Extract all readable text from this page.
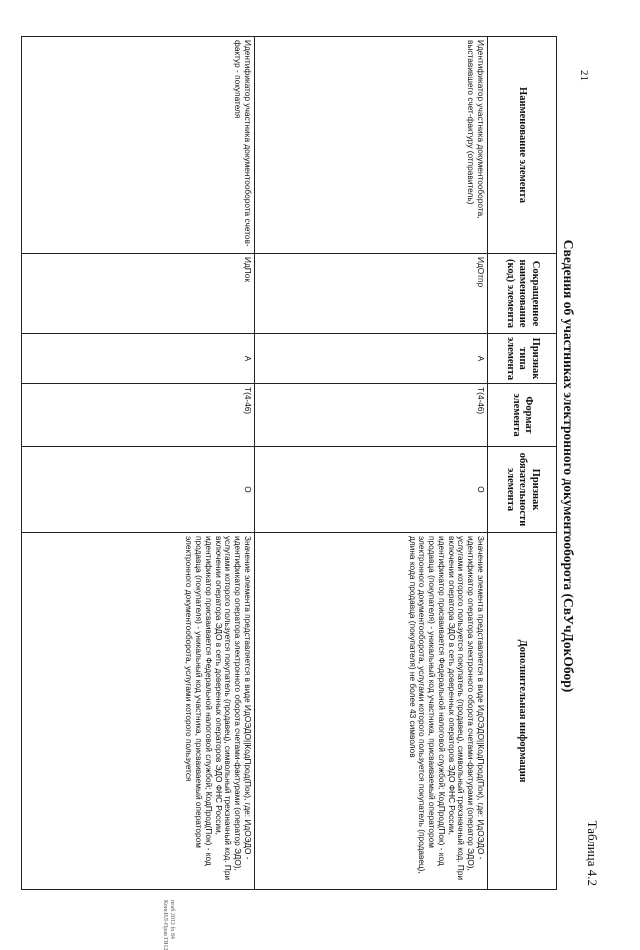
21
Таблица 4.2
Сведения об участниках электронного документооборота (СвУчДокОбор)
Наименование элемента	Сокращенное наименование (код) элемента	Признак типа элемента	Формат элемента	Признак обязательности элемента	Дополнительная информация
Идентификатор участника документооборота, выставившего счет-фактуру (отправитель)	ИдОтпр	А	Т(4-46)	О	Значение элемента представляется в виде ИдОЭДО||КодПрод(Пок), где: ИдОЭДО - идентификатор оператора электронного оборота счетами-фактурами (оператор ЭДО), услугами которого пользуется покупатель (продавец), символьный трехзначный код. При включении оператора ЭДО в сеть доверенных операторов ЭДО ФНС России, идентификатор присваивается Федеральной налоговой службой; КодПрод(Пок) - код продавца (покупателя) - уникальный код участника, присваиваемый оператором электронного документооборота, услугами которого пользуется покупатель (продавец), длина кода продавца (покупателя) не более 43 символов
Идентификатор участника документооборота счетов-фактур - покупателя	ИдПок	А	Т(4-46)	О	Значение элемента представляется в виде ИдОЭДО||КодПрод(Пок), где: ИдОЭДО - идентификатор оператора электронного оборота счетами-фактурами (оператор ЭДО), услугами которого пользуется покупатель (продавец), символьный трехзначный код. При включении оператора ЭДО в сеть доверенных операторов ЭДО ФНС России, идентификатор присваивается Федеральной налоговой службой; КодПрод(Пок) - код продавца (покупателя) - уникальный код участника, присваиваемый оператором электронного документооборота, услугами которого пользуется
нгаб 2012 fo 84
КонсИЛ-Прав ГЯ12
